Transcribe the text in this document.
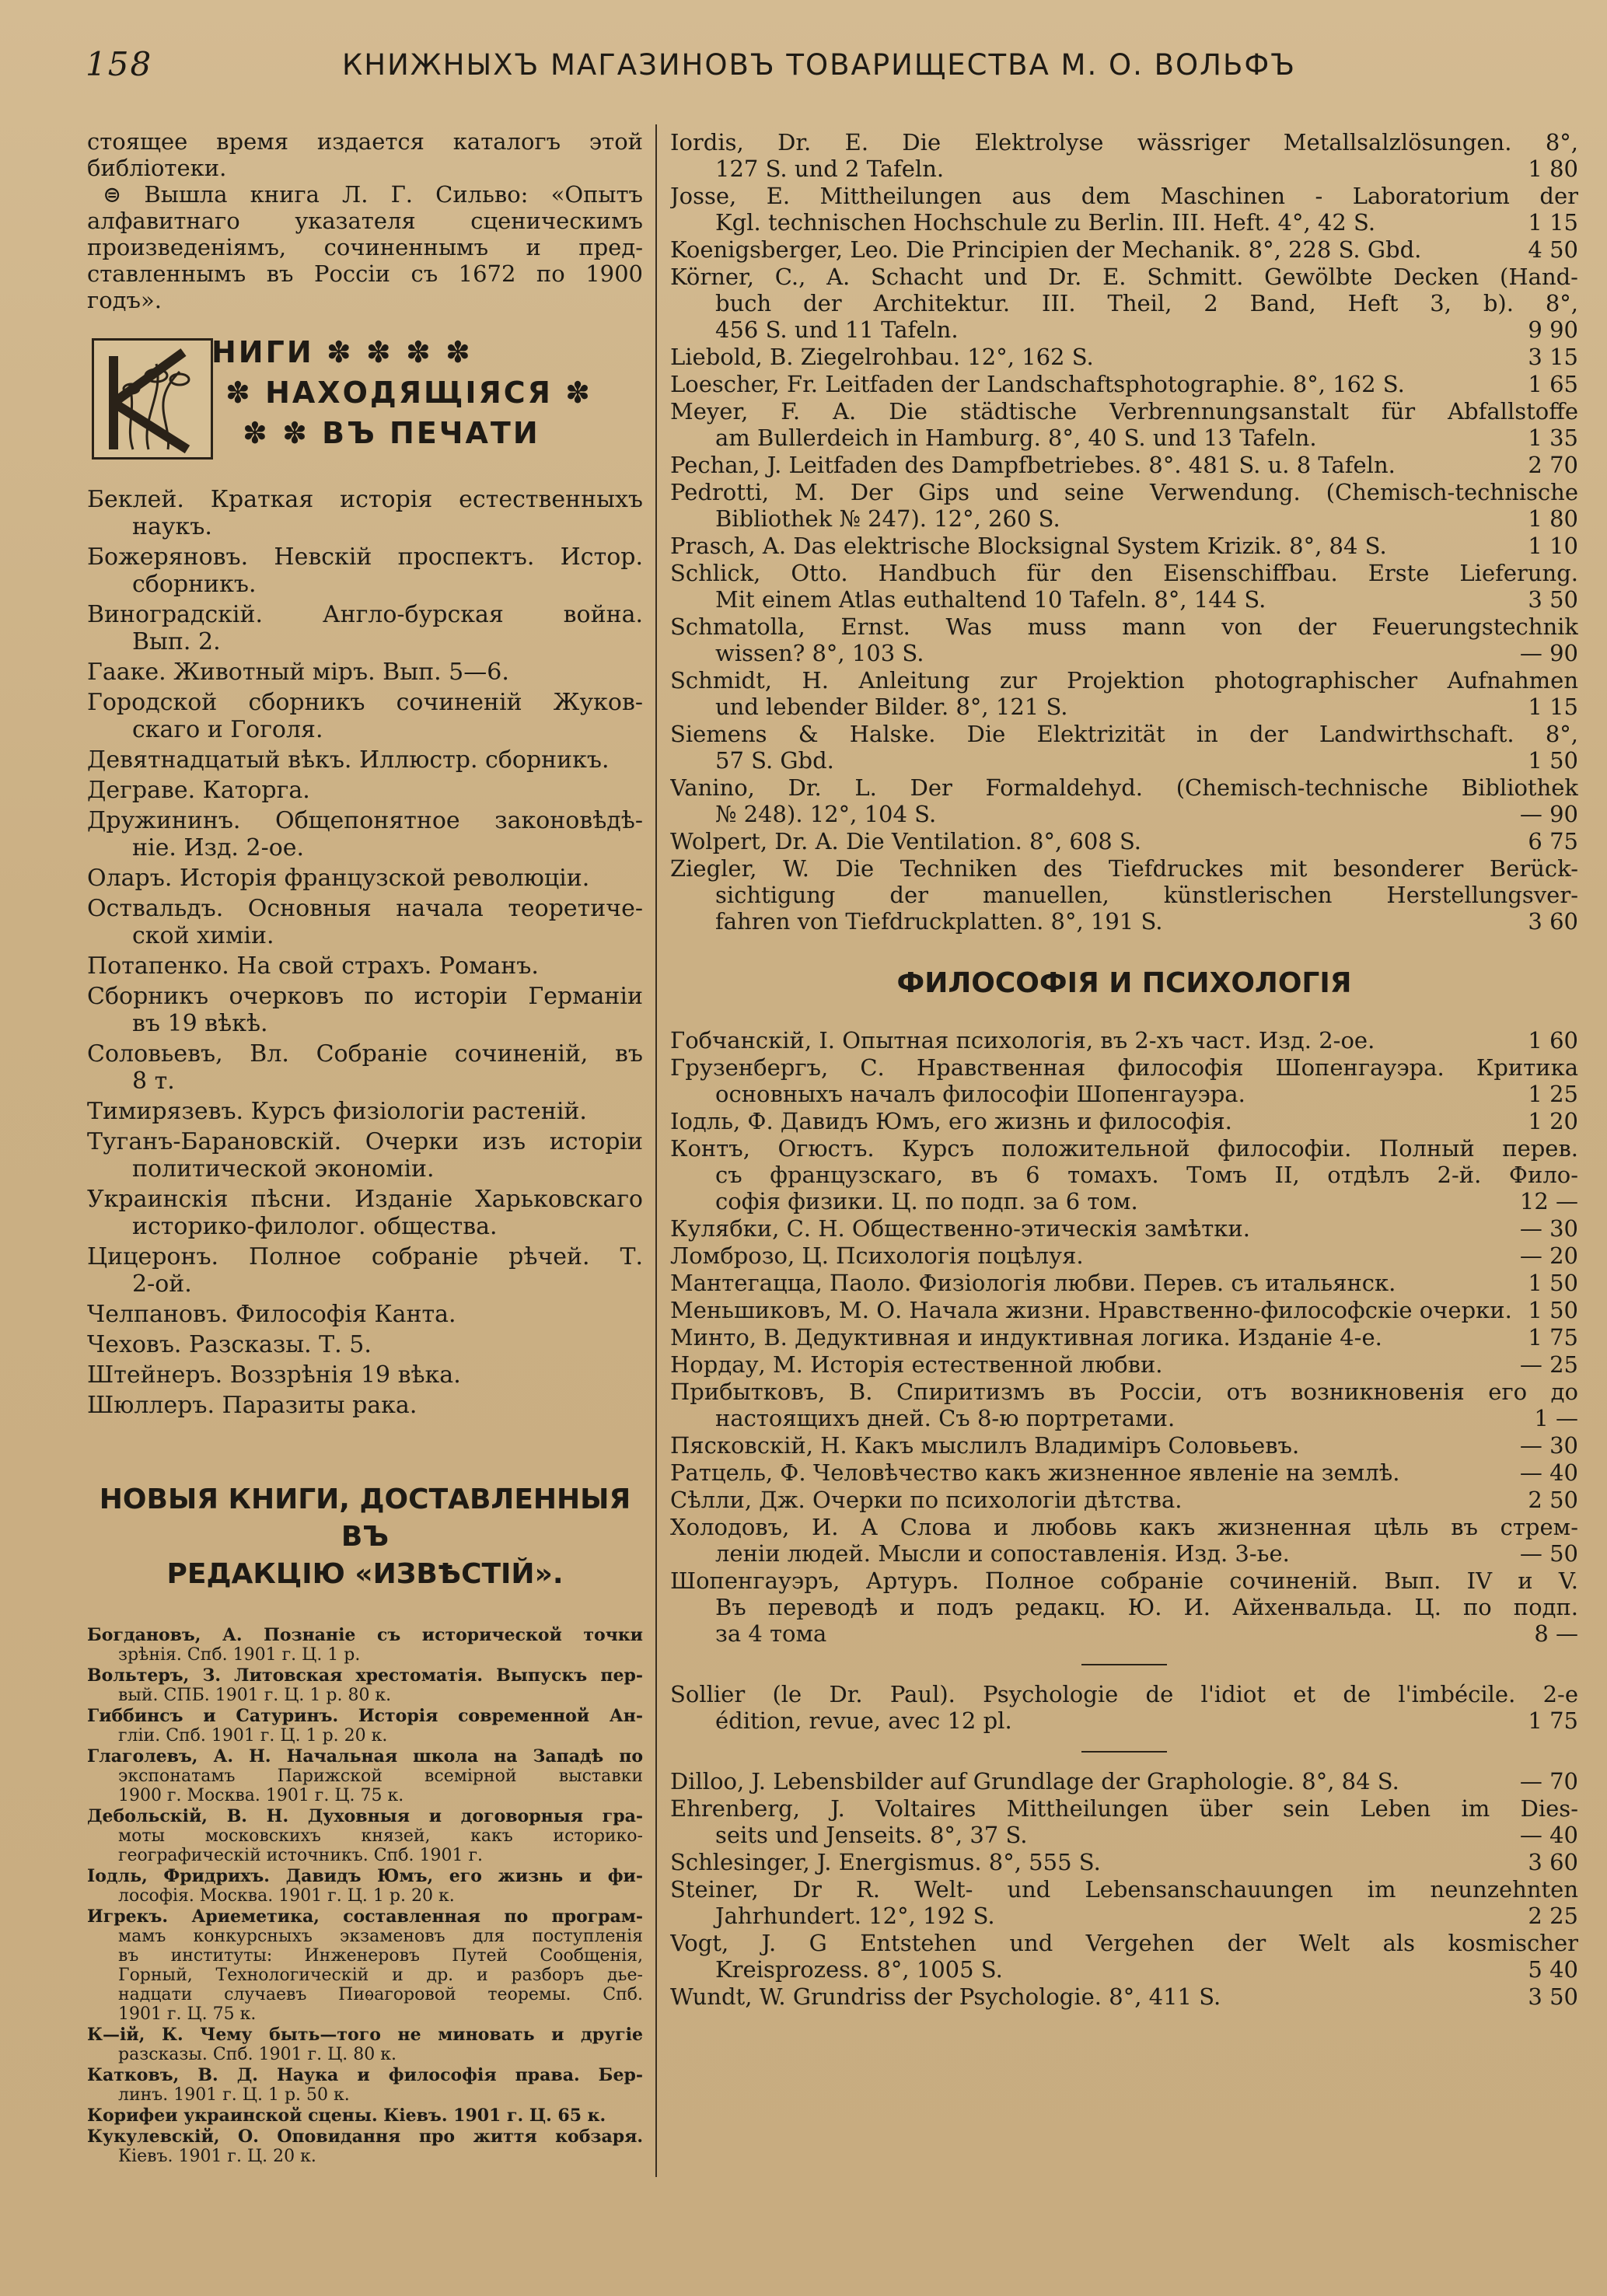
158	КНИЖНЫХЪ МАГАЗИНОВЪ ТОВАРИЩЕСТВА М. О. ВОЛЬФЪ
стоящее время издается каталогъ этой
библіотеки.
⊜ Вышла книга Л. Г. Сильво: «Опытъ
алфавитнаго указателя сценическимъ
произведеніямъ, сочиненнымъ и пред-
ставленнымъ въ Россіи съ 1672 по 1900
годъ».
НИГИ ✽ ✽ ✽ ✽
✽ НАХОДЯЩІЯСЯ ✽
✽ ✽ ВЪ ПЕЧАТИ
Бeклей. Краткая исторія естественныхъ
наукъ.
Божеряновъ. Невскій проспектъ. Истор.
сборникъ.
Виноградскій. Англо-бурская война.
Вып. 2.
Гааке. Животный міръ. Вып. 5—6.
Городской сборникъ сочиненій Жуков-
скаго и Гоголя.
Девятнадцатый вѣкъ. Иллюстр. сборникъ.
Деграве. Каторга.
Дружининъ. Общепонятное законовѣдѣ-
ніе. Изд. 2-ое.
Оларъ. Исторія французской революціи.
Оствальдъ. Основныя начала теоретиче-
ской химіи.
Потапенко. На свой страхъ. Романъ.
Сборникъ очерковъ по исторіи Германіи
въ 19 вѣкѣ.
Соловьевъ, Вл. Собраніе сочиненій, въ
8 т.
Тимирязевъ. Курсъ физіологіи растеній.
Туганъ-Барановскій. Очерки изъ исторіи
политической экономіи.
Украинскія пѣсни. Изданіе Харьковскаго
историко-филолог. общества.
Цицеронъ. Полное собраніе рѣчей. Т.
2-ой.
Челпановъ. Философія Канта.
Чеховъ. Разсказы. Т. 5.
Штейнеръ. Воззрѣнія 19 вѣка.
Шюллеръ. Паразиты рака.
НОВЫЯ КНИГИ, ДОСТАВЛЕННЫЯ ВЪ
РЕДАКЦІЮ «ИЗВѢСТІЙ».
Богдановъ, А. Познаніе съ исторической точки
зрѣнія. Спб. 1901 г. Ц. 1 р.
Вольтеръ, З. Литовская хрестоматія. Выпускъ пер-
вый. СПБ. 1901 г. Ц. 1 р. 80 к.
Гиббинсъ и Сатуринъ. Исторія современной Ан-
гліи. Спб. 1901 г. Ц. 1 р. 20 к.
Глаголевъ, А. Н. Начальная школа на Западѣ по
экспонатамъ Парижской всемірной выставки
1900 г. Москва. 1901 г. Ц. 75 к.
Дебольскій, В. Н. Духовныя и договорныя гра-
моты московскихъ князей, какъ историко-
географическій источникъ. Спб. 1901 г.
Іодль, Фридрихъ. Давидъ Юмъ, его жизнь и фи-
лософія. Москва. 1901 г. Ц. 1 р. 20 к.
Игрекъ. Ариеметика, составленная по програм-
мамъ конкурсныхъ экзаменовъ для поступленія
въ институты: Инженеровъ Путей Сообщенія,
Горный, Технологическій и др. и разборъ дье-
надцати случаевъ Пиѳагоровой теоремы. Спб.
1901 г. Ц. 75 к.
К—ій, К. Чему быть—того не миновать и другіе
разсказы. Спб. 1901 г. Ц. 80 к.
Катковъ, В. Д. Наука и философія права. Бер-
линъ. 1901 г. Ц. 1 р. 50 к.
Корифеи украинской сцены. Кіевъ. 1901 г. Ц. 65 к.
Кукулевскій, О. Оповидання про життя кобзаря.
Кіевъ. 1901 г. Ц. 20 к.
Iordis, Dr. E. Die Elektrolyse wässriger Metallsalzlösungen. 8°,
127 S. und 2 Tafeln.	1 80
Josse, E. Mittheilungen aus dem Maschinen - Laboratorium der
Kgl. technischen Hochschule zu Berlin. III. Heft. 4°, 42 S.	1 15
Koenigsberger, Leo. Die Principien der Mechanik. 8°, 228 S. Gbd.	4 50
Körner, C., A. Schacht und Dr. E. Schmitt. Gewölbte Decken (Hand-
buch der Architektur. III. Theil, 2 Band, Heft 3, b). 8°,
456 S. und 11 Tafeln.	9 90
Liebold, B. Ziegelrohbau. 12°, 162 S.	3 15
Loescher, Fr. Leitfaden der Landschaftsphotographie. 8°, 162 S.	1 65
Meyer, F. A. Die städtische Verbrennungsanstalt für Abfallstoffe
am Bullerdeich in Hamburg. 8°, 40 S. und 13 Tafeln.	1 35
Pechan, J. Leitfaden des Dampfbetriebes. 8°. 481 S. u. 8 Tafeln.	2 70
Pedrotti, M. Der Gips und seine Verwendung. (Chemisch-technische
Bibliothek № 247). 12°, 260 S.	1 80
Prasch, A. Das elektrische Blocksignal System Krizik. 8°, 84 S.	1 10
Schlick, Otto. Handbuch für den Eisenschiffbau. Erste Lieferung.
Mit einem Atlas euthaltend 10 Tafeln. 8°, 144 S.	3 50
Schmatolla, Ernst. Was muss mann von der Feuerungstechnik
wissen? 8°, 103 S.	— 90
Schmidt, H. Anleitung zur Projektion photographischer Aufnahmen
und lebender Bilder. 8°, 121 S.	1 15
Siemens & Halske. Die Elektrizität in der Landwirthschaft. 8°,
57 S. Gbd.	1 50
Vanino, Dr. L. Der Formaldehyd. (Chemisch-technische Bibliothek
№ 248). 12°, 104 S.	— 90
Wolpert, Dr. A. Die Ventilation. 8°, 608 S.	6 75
Ziegler, W. Die Techniken des Tiefdruckes mit besonderer Berück-
sichtigung der manuellen, künstlerischen Herstellungsver-
fahren von Tiefdruckplatten. 8°, 191 S.	3 60
ФИЛОСОФІЯ И ПСИХОЛОГІЯ
Гобчанскій, I. Опытная психологія, въ 2-хъ част. Изд. 2-ое.	1 60
Грузенбергъ, С. Нравственная философія Шопенгауэра. Критика
основныхъ началъ философіи Шопенгауэра.	1 25
Іодль, Ф. Давидъ Юмъ, его жизнь и философія.	1 20
Контъ, Огюстъ. Курсъ положительной философіи. Полный перев.
съ французскаго, въ 6 томахъ. Томъ II, отдѣлъ 2-й. Фило-
софія физики. Ц. по подп. за 6 том.	12 —
Кулябки, С. Н. Общественно-этическія замѣтки.	— 30
Ломброзо, Ц. Психологія поцѣлуя.	— 20
Мантегацца, Паоло. Физіологія любви. Перев. съ итальянск.	1 50
Меньшиковъ, М. О. Начала жизни. Нравственно-философскіе очерки. 1 50
Минто, В. Дедуктивная и индуктивная логика. Изданіе 4-е.	1 75
Нордау, М. Исторія естественной любви.	— 25
Прибытковъ, В. Спиритизмъ въ Россіи, отъ возникновенія его до
настоящихъ дней. Съ 8-ю портретами.	1 —
Пясковскій, Н. Какъ мыслилъ Владиміръ Соловьевъ.	— 30
Ратцель, Ф. Человѣчество какъ жизненное явленіе на землѣ.	— 40
Сѣлли, Дж. Очерки по психологіи дѣтства.	2 50
Холодовъ, И. А Слова и любовь какъ жизненная цѣль въ стрем-
леніи людей. Мысли и сопоставленія. Изд. 3-ье.	— 50
Шопенгауэръ, Артуръ. Полное собраніе сочиненій. Вып. IV и V.
Въ переводѣ и подъ редакц. Ю. И. Айхенвальда. Ц. по подп.
за 4 тома	8 —
Sollier (le Dr. Paul). Psychologie de l'idiot et de l'imbécile. 2-e
édition, revue, avec 12 pl.	1 75
Dilloo, J. Lebensbilder auf Grundlage der Graphologie. 8°, 84 S.	— 70
Ehrenberg, J. Voltaires Mittheilungen über sein Leben im Dies-
seits und Jenseits. 8°, 37 S.	— 40
Schlesinger, J. Energismus. 8°, 555 S.	3 60
Steiner, Dr R. Welt- und Lebensanschauungen im neunzehnten
Jahrhundert. 12°, 192 S.	2 25
Vogt, J. G Entstehen und Vergehen der Welt als kosmischer
Kreisprozess. 8°, 1005 S.	5 40
Wundt, W. Grundriss der Psychologie. 8°, 411 S.	3 50
